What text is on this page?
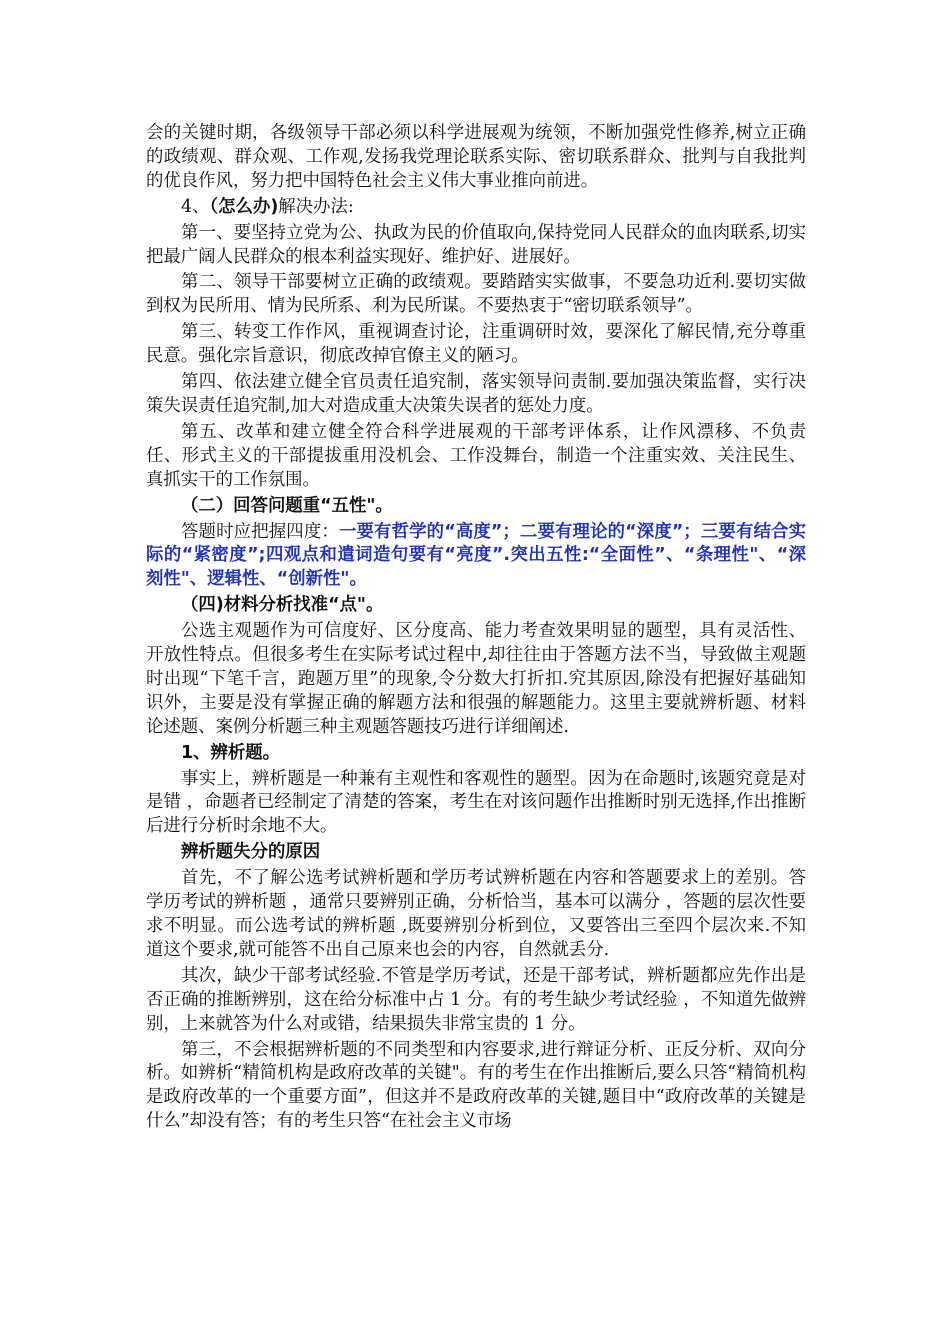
会的关键时期，各级领导干部必须以科学进展观为统领，不断加强党性修养,树立正确的政绩观、群众观、工作观,发扬我党理论联系实际、密切联系群众、批判与自我批判的优良作风，努力把中国特色社会主义伟大事业推向前进。

4、（怎么办)解决办法:

第一、要坚持立党为公、执政为民的价值取向,保持党同人民群众的血肉联系,切实把最广阔人民群众的根本利益实现好、维护好、进展好。

第二、领导干部要树立正确的政绩观。要踏踏实实做事，不要急功近利.要切实做到权为民所用、情为民所系、利为民所谋。不要热衷于“密切联系领导”。

第三、转变工作作风，重视调查讨论，注重调研时效，要深化了解民情,充分尊重民意。强化宗旨意识，彻底改掉官僚主义的陋习。

第四、依法建立健全官员责任追究制，落实领导问责制.要加强决策监督，实行决策失误责任追究制,加大对造成重大决策失误者的惩处力度。

第五、改革和建立健全符合科学进展观的干部考评体系，让作风漂移、不负责任、形式主义的干部提拔重用没机会、工作没舞台，制造一个注重实效、关注民生、真抓实干的工作氛围。

（二）回答问题重“五性"。

答题时应把握四度：一要有哲学的“高度”；二要有理论的“深度”；三要有结合实际的“紧密度”;四观点和遣词造句要有“亮度”.突出五性:“全面性”、“条理性"、“深刻性"、逻辑性、“创新性"。

（四)材料分析找准“点"。

公选主观题作为可信度好、区分度高、能力考查效果明显的题型，具有灵活性、开放性特点。但很多考生在实际考试过程中,却往往由于答题方法不当，导致做主观题时出现“下笔千言，跑题万里”的现象,令分数大打折扣.究其原因,除没有把握好基础知识外，主要是没有掌握正确的解题方法和很强的解题能力。这里主要就辨析题、材料论述题、案例分析题三种主观题答题技巧进行详细阐述.

1、辨析题。

事实上，辨析题是一种兼有主观性和客观性的题型。因为在命题时,该题究竟是对是错 ，命题者已经制定了清楚的答案，考生在对该问题作出推断时别无选择,作出推断后进行分析时余地不大。

辨析题失分的原因

首先，不了解公选考试辨析题和学历考试辨析题在内容和答题要求上的差别。答学历考试的辨析题 ，通常只要辨别正确，分析恰当，基本可以满分 ，答题的层次性要求不明显。而公选考试的辨析题 ,既要辨别分析到位，又要答出三至四个层次来.不知道这个要求,就可能答不出自己原来也会的内容，自然就丢分.

其次，缺少干部考试经验.不管是学历考试，还是干部考试，辨析题都应先作出是否正确的推断辨别，这在给分标准中占 1 分。有的考生缺少考试经验 ，不知道先做辨别，上来就答为什么对或错，结果损失非常宝贵的 1 分。

第三，不会根据辨析题的不同类型和内容要求,进行辩证分析、正反分析、双向分析。如辨析“精简机构是政府改革的关键"。有的考生在作出推断后,要么只答“精简机构是政府改革的一个重要方面”，但这并不是政府改革的关键,题目中“政府改革的关键是什么”却没有答；有的考生只答“在社会主义市场
